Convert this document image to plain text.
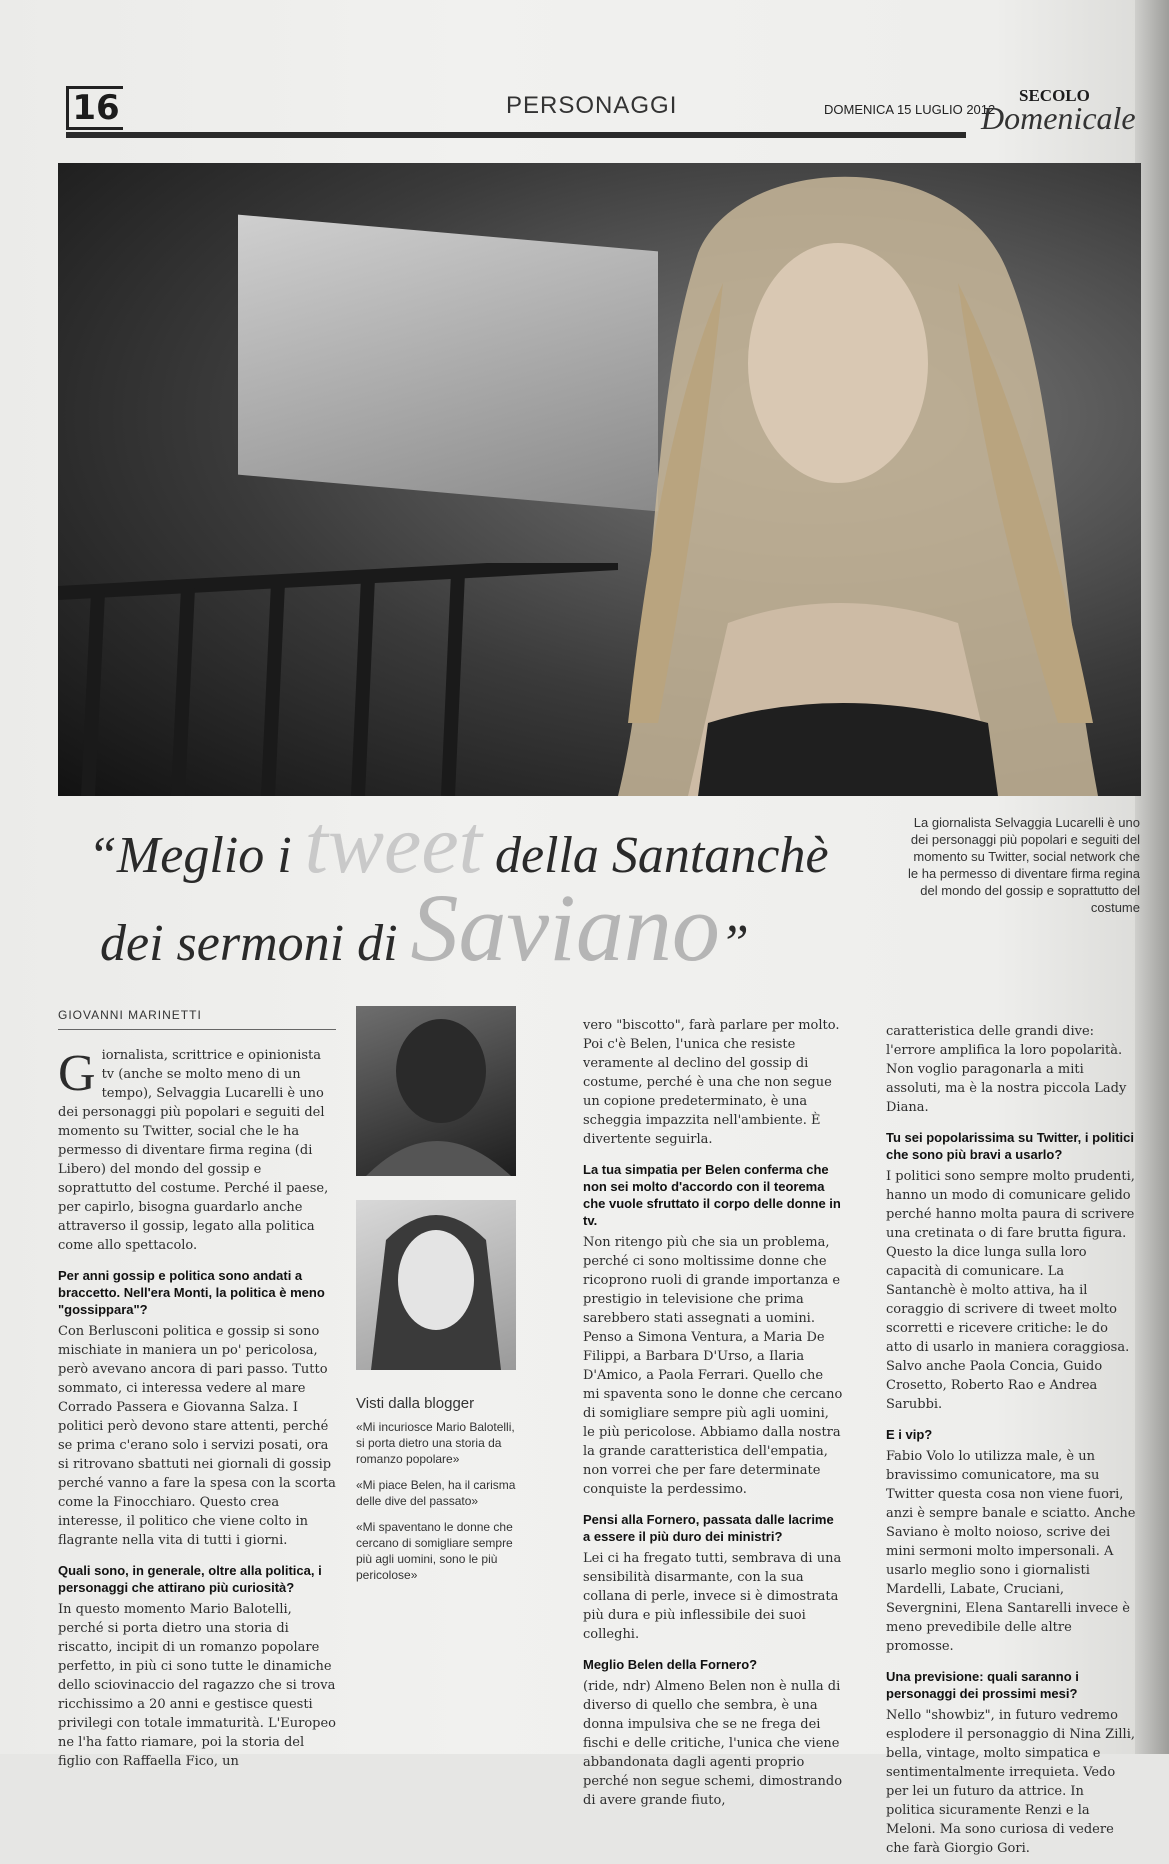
16	PERSONAGGI	DOMENICA 15 LUGLIO 2012
SECOLO
Domenicale
“Meglio i tweet della Santanchè
dei sermoni di Saviano”
La giornalista Selvaggia Lucarelli è uno dei personaggi più popolari e seguiti del momento su Twitter, social network che le ha permesso di diventare firma regina del mondo del gossip e soprattutto del costume
GIOVANNI MARINETTI

Giornalista, scrittrice e opinionista tv (anche se molto meno di un tempo), Selvaggia Lucarelli è uno dei personaggi più popolari e seguiti del momento su Twitter, social che le ha permesso di diventare firma regina (di Libero) del mondo del gossip e soprattutto del costume. Perché il paese, per capirlo, bisogna guardarlo anche attraverso il gossip, legato alla politica come allo spettacolo.

Per anni gossip e politica sono andati a braccetto. Nell'era Monti, la politica è meno "gossippara"?

Con Berlusconi politica e gossip si sono mischiate in maniera un po' pericolosa, però avevano ancora di pari passo. Tutto sommato, ci interessa vedere al mare Corrado Passera e Giovanna Salza. I politici però devono stare attenti, perché se prima c'erano solo i servizi posati, ora si ritrovano sbattuti nei giornali di gossip perché vanno a fare la spesa con la scorta come la Finocchiaro. Questo crea interesse, il politico che viene colto in flagrante nella vita di tutti i giorni.

Quali sono, in generale, oltre alla politica, i personaggi che attirano più curiosità?

In questo momento Mario Balotelli, perché si porta dietro una storia di riscatto, incipit di un romanzo popolare perfetto, in più ci sono tutte le dinamiche dello sciovinaccio del ragazzo che si trova ricchissimo a 20 anni e gestisce questi privilegi con totale immaturità. L'Europeo ne l'ha fatto riamare, poi la storia del figlio con Raffaella Fico, un

Visti dalla blogger
«Mi incuriosce Mario Balotelli, si porta dietro una storia da romanzo popolare»
«Mi piace Belen, ha il carisma delle dive del passato»
«Mi spaventano le donne che cercano di somigliare sempre più agli uomini, sono le più pericolose»

vero "biscotto", farà parlare per molto. Poi c'è Belen, l'unica che resiste veramente al declino del gossip di costume, perché è una che non segue un copione predeterminato, è una scheggia impazzita nell'ambiente. È divertente seguirla.

La tua simpatia per Belen conferma che non sei molto d'accordo con il teorema che vuole sfruttato il corpo delle donne in tv.

Non ritengo più che sia un problema, perché ci sono moltissime donne che ricoprono ruoli di grande importanza e prestigio in televisione che prima sarebbero stati assegnati a uomini. Penso a Simona Ventura, a Maria De Filippi, a Barbara D'Urso, a Ilaria D'Amico, a Paola Ferrari. Quello che mi spaventa sono le donne che cercano di somigliare sempre più agli uomini, le più pericolose. Abbiamo dalla nostra la grande caratteristica dell'empatia, non vorrei che per fare determinate conquiste la perdessimo.

Pensi alla Fornero, passata dalle lacrime a essere il più duro dei ministri?

Lei ci ha fregato tutti, sembrava di una sensibilità disarmante, con la sua collana di perle, invece si è dimostrata più dura e più inflessibile dei suoi colleghi.

Meglio Belen della Fornero?

(ride, ndr) Almeno Belen non è nulla di diverso di quello che sembra, è una donna impulsiva che se ne frega dei fischi e delle critiche, l'unica che viene abbandonata dagli agenti proprio perché non segue schemi, dimostrando di avere grande fiuto,

caratteristica delle grandi dive: l'errore amplifica la loro popolarità. Non voglio paragonarla a miti assoluti, ma è la nostra piccola Lady Diana.

Tu sei popolarissima su Twitter, i politici che sono più bravi a usarlo?

I politici sono sempre molto prudenti, hanno un modo di comunicare gelido perché hanno molta paura di scrivere una cretinata o di fare brutta figura. Questo la dice lunga sulla loro capacità di comunicare. La Santanchè è molto attiva, ha il coraggio di scrivere di tweet molto scorretti e ricevere critiche: le do atto di usarlo in maniera coraggiosa. Salvo anche Paola Concia, Guido Crosetto, Roberto Rao e Andrea Sarubbi.

E i vip?

Fabio Volo lo utilizza male, è un bravissimo comunicatore, ma su Twitter questa cosa non viene fuori, anzi è sempre banale e sciatto. Anche Saviano è molto noioso, scrive dei mini sermoni molto impersonali. A usarlo meglio sono i giornalisti Mardelli, Labate, Cruciani, Severgnini, Elena Santarelli invece è meno prevedibile delle altre promosse.

Una previsione: quali saranno i personaggi dei prossimi mesi?

Nello "showbiz", in futuro vedremo esplodere il personaggio di Nina Zilli, bella, vintage, molto simpatica e sentimentalmente irrequieta. Vedo per lei un futuro da attrice. In politica sicuramente Renzi e la Meloni. Ma sono curiosa di vedere che farà Giorgio Gori.
